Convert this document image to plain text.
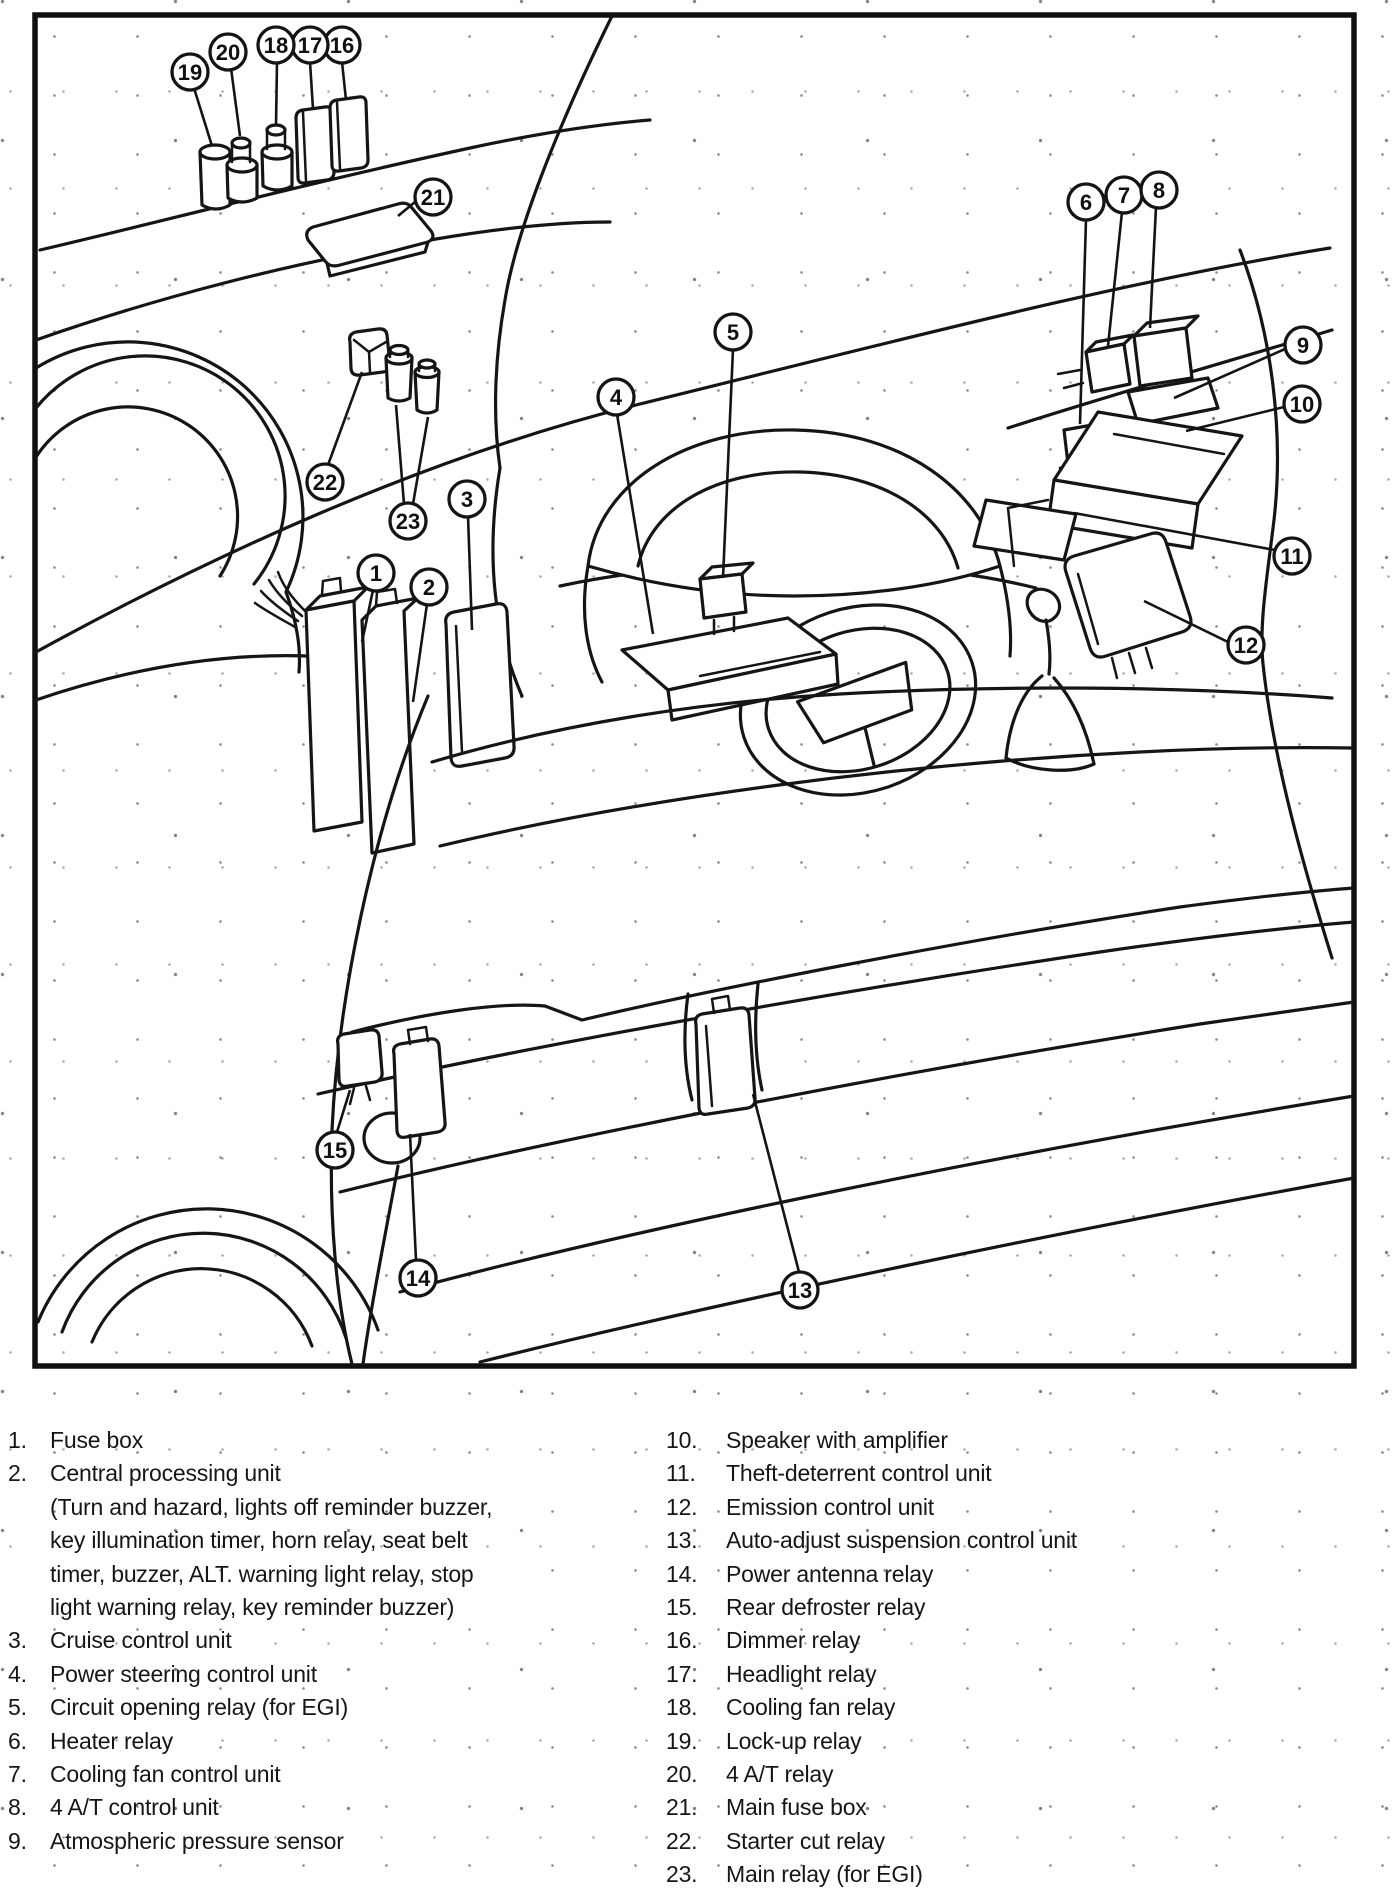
1
2
3
4
5
6 7 8
9
10
11
12
13
14
15
16
17
18
19
20
21
22
23
1.	Fuse box
2.	Central processing unit
(Turn and hazard, lights off reminder buzzer,
key illumination timer, horn relay, seat belt
timer, buzzer, ALT. warning light relay, stop
light warning relay, key reminder buzzer)
3.	Cruise control unit
4.	Power steering control unit
5.	Circuit opening relay (for EGI)
6.	Heater relay
7.	Cooling fan control unit
8.	4 A/T control unit
9.	Atmospheric pressure sensor
10.	Speaker with amplifier
11.	Theft-deterrent control unit
12.	Emission control unit
13.	Auto-adjust suspension control unit
14.	Power antenna relay
15.	Rear defroster relay
16.	Dimmer relay
17.	Headlight relay
18.	Cooling fan relay
19.	Lock-up relay
20.	4 A/T relay
21.	Main fuse box
22.	Starter cut relay
23.	Main relay (for EGI)
